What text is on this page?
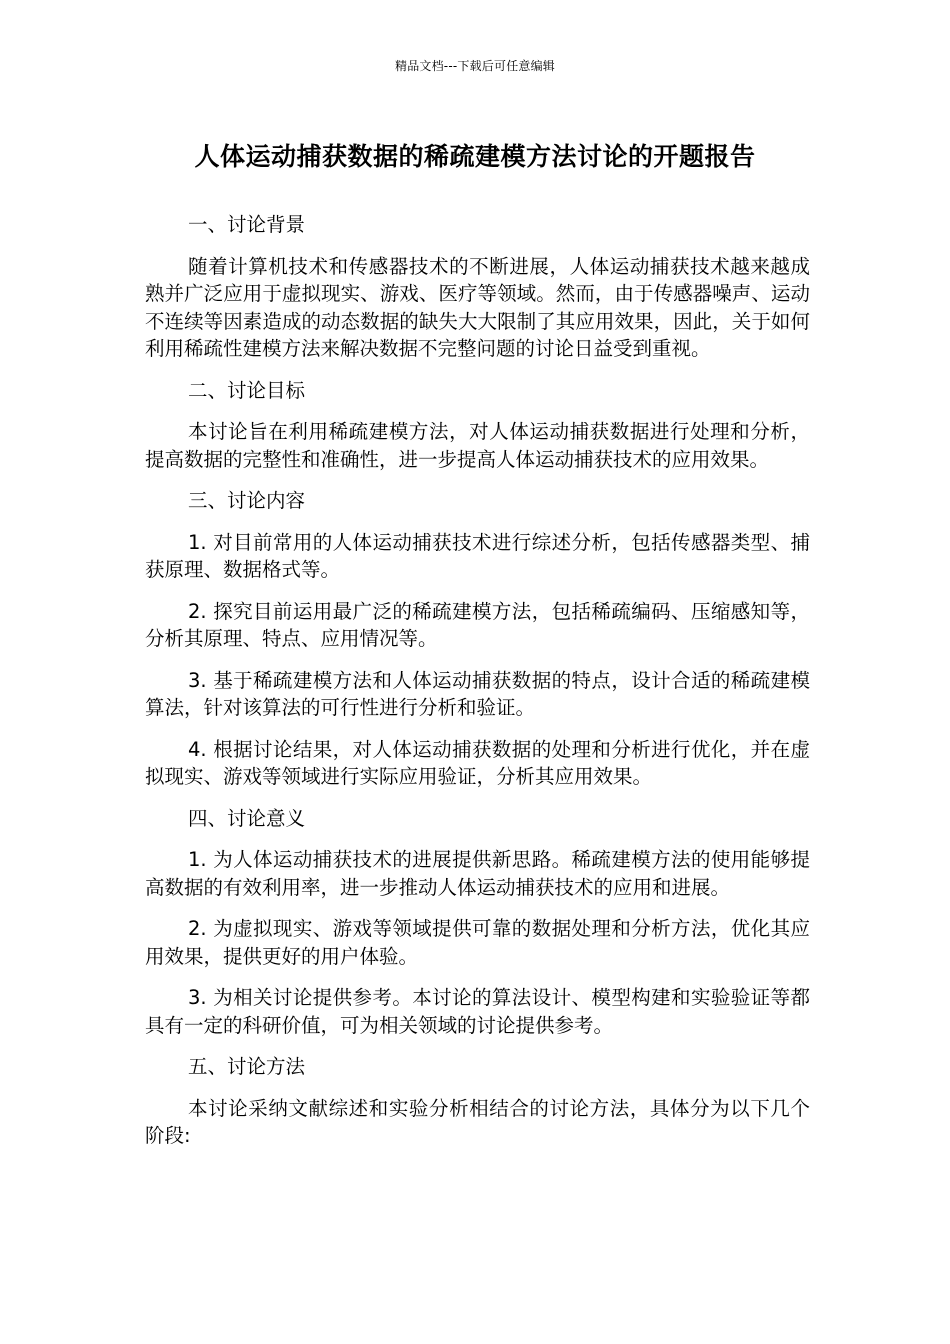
精品文档---下载后可任意编辑
人体运动捕获数据的稀疏建模方法讨论的开题报告

一、讨论背景

随着计算机技术和传感器技术的不断进展，人体运动捕获技术越来越成熟并广泛应用于虚拟现实、游戏、医疗等领域。然而，由于传感器噪声、运动不连续等因素造成的动态数据的缺失大大限制了其应用效果，因此，关于如何利用稀疏性建模方法来解决数据不完整问题的讨论日益受到重视。

二、讨论目标

本讨论旨在利用稀疏建模方法，对人体运动捕获数据进行处理和分析，提高数据的完整性和准确性，进一步提高人体运动捕获技术的应用效果。

三、讨论内容

1. 对目前常用的人体运动捕获技术进行综述分析，包括传感器类型、捕获原理、数据格式等。

2. 探究目前运用最广泛的稀疏建模方法，包括稀疏编码、压缩感知等，分析其原理、特点、应用情况等。

3. 基于稀疏建模方法和人体运动捕获数据的特点，设计合适的稀疏建模算法，针对该算法的可行性进行分析和验证。

4. 根据讨论结果，对人体运动捕获数据的处理和分析进行优化，并在虚拟现实、游戏等领域进行实际应用验证，分析其应用效果。

四、讨论意义

1. 为人体运动捕获技术的进展提供新思路。稀疏建模方法的使用能够提高数据的有效利用率，进一步推动人体运动捕获技术的应用和进展。

2. 为虚拟现实、游戏等领域提供可靠的数据处理和分析方法，优化其应用效果，提供更好的用户体验。

3. 为相关讨论提供参考。本讨论的算法设计、模型构建和实验验证等都具有一定的科研价值，可为相关领域的讨论提供参考。

五、讨论方法

本讨论采纳文献综述和实验分析相结合的讨论方法，具体分为以下几个阶段:
